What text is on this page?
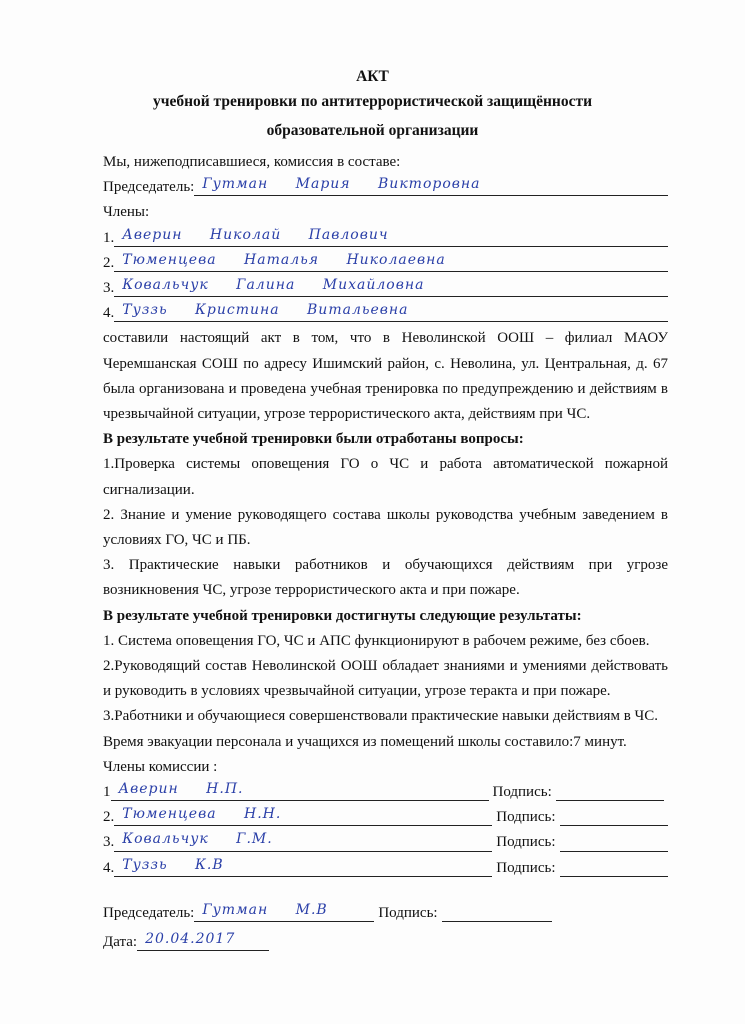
АКТ
учебной тренировки по антитеррористической защищённости
образовательной организации
Мы, нижеподписавшиеся, комиссия в составе:
Председатель: Гутман Мария Викторовна
Члены:
1. Аверин Николай Павлович
2. Тюменцева Наталья Николаевна
3. Ковальчук Галина Михайловна
4. Туззь Кристина Витальевна
составили настоящий акт в том, что в Неволинской ООШ – филиал МАОУ Черемшанская СОШ по адресу Ишимский район, с. Неволина, ул. Центральная, д. 67 была организована и проведена учебная тренировка по предупреждению и действиям в чрезвычайной ситуации, угрозе террористического акта, действиям при ЧС.
В результате учебной тренировки были отработаны вопросы:
1.Проверка системы оповещения ГО о ЧС и работа автоматической пожарной сигнализации.
2. Знание и умение руководящего состава школы руководства учебным заведением в условиях ГО, ЧС и ПБ.
3. Практические навыки работников и обучающихся действиям при угрозе возникновения ЧС, угрозе террористического акта и при пожаре.
В результате учебной тренировки достигнуты следующие результаты:
1. Система оповещения ГО, ЧС и АПС функционируют в рабочем режиме, без сбоев.
2.Руководящий состав Неволинской ООШ обладает знаниями и умениями действовать и руководить в условиях чрезвычайной ситуации, угрозе теракта и при пожаре.
3.Работники и обучающиеся совершенствовали практические навыки действиям в ЧС.
Время эвакуации персонала и учащихся из помещений школы составило:7 минут.
Члены комиссии :
1 Аверин Н.П.	Подпись:
2. Тюменцева Н.Н.	Подпись:
3. Ковальчук Г.М.	Подпись:
4. Туззь К.В	Подпись:
Председатель: Гутман М.В	Подпись:
Дата: 20.04.2017
